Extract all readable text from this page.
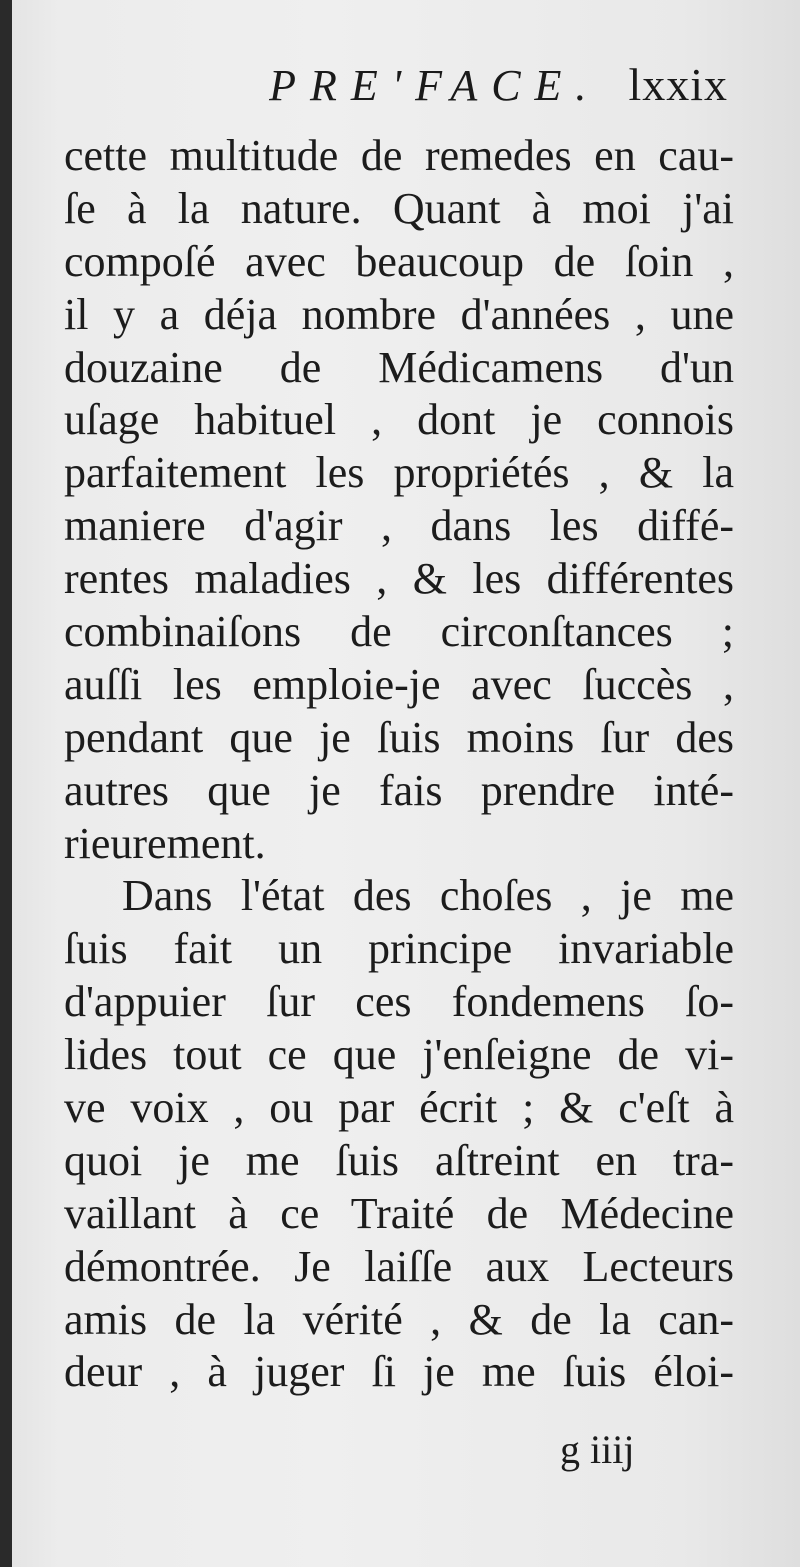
PRE'FACE. lxxix
cette multitude de remedes en cau-
ſe à la nature. Quant à moi j'ai
compoſé avec beaucoup de ſoin ,
il y a déja nombre d'années , une
douzaine de Médicamens d'un
uſage habituel , dont je connois
parfaitement les propriétés , & la
maniere d'agir , dans les diffé-
rentes maladies , & les différentes
combinaiſons de circonſtances ;
auſſi les emploie-je avec ſuccès ,
pendant que je ſuis moins ſur des
autres que je fais prendre inté-
rieurement.
Dans l'état des choſes , je me
ſuis fait un principe invariable
d'appuier ſur ces fondemens ſo-
lides tout ce que j'enſeigne de vi-
ve voix , ou par écrit ; & c'eſt à
quoi je me ſuis aſtreint en tra-
vaillant à ce Traité de Médecine
démontrée. Je laiſſe aux Lecteurs
amis de la vérité , & de la can-
deur , à juger ſi je me ſuis éloi-
g iiij
